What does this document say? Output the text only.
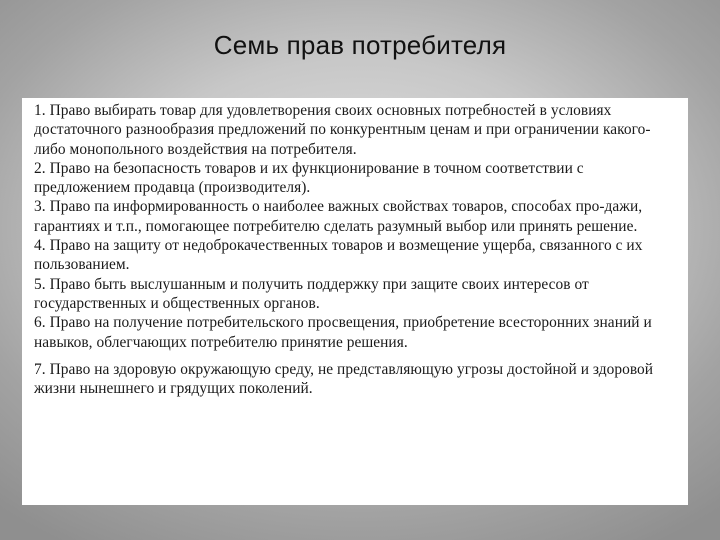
Семь прав потребителя

1. Право выбирать товар для удовлетворения своих основных потребностей в условиях достаточного разнообразия предложений по конкурентным ценам и при ограничении какого-либо монопольного воздействия на потребителя.

2. Право на безопасность товаров и их функционирование в точном соответствии с предложением продавца (производителя).

3. Право па информированность о наиболее важных свойствах товаров, способах про-дажи, гарантиях и т.п., помогающее потребителю сделать разумный выбор или принять решение.

4. Право на защиту от недоброкачественных товаров и возмещение ущерба, связанного с их пользованием.

5. Право быть выслушанным и получить поддержку при защите своих интересов от государственных и общественных органов.

6. Право на получение потребительского просвещения, приобретение всесторонних знаний и навыков, облегчающих потребителю принятие решения.

7. Право на здоровую окружающую среду, не представляющую угрозы достойной и здоровой жизни нынешнего и грядущих поколений.
